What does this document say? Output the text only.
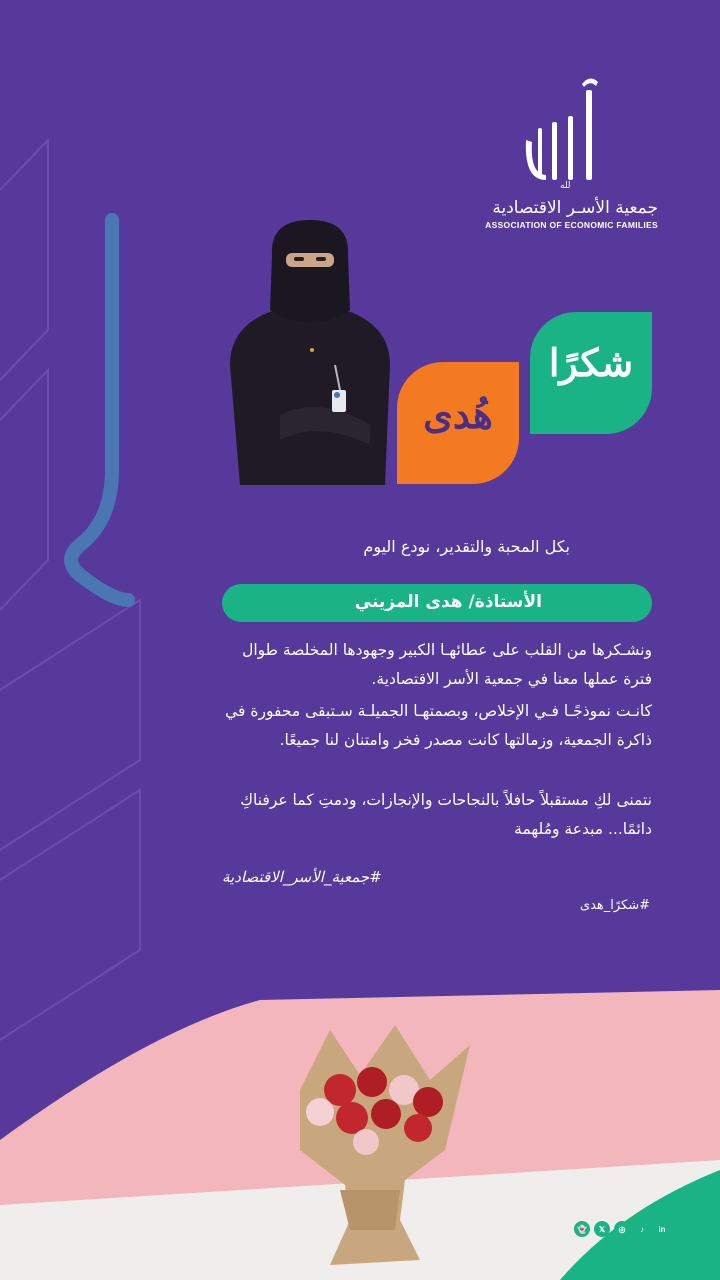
لله
جمعية الأسـر الاقتصادية
ASSOCIATION OF ECONOMIC FAMILIES
شكرًا
هُدى
بكل المحبة والتقدير، نودع اليوم
الأستاذة/ هدى المزيني
ونشـكرها من القلب على عطائهـا الكبير وجهودها المخلصة طوال فترة عملها معنا في جمعية الأسر الاقتصادية.
كانـت نموذجًـا فـي الإخلاص، وبصمتهـا الجميلـة سـتبقى محفورة في ذاكرة الجمعية، وزمالتها كانت مصدر فخر وامتنان لنا جميعًا.
نتمنى لكِ مستقبلاً حافلاً بالنجاحات والإنجازات، ودمتِ كما عرفناكِ دائمًا... مبدعة ومُلهمة
#جمعية_الأسر_الاقتصادية
#شكرًا_هدى
👻	𝕏	◎	♪	in
efaksa1
